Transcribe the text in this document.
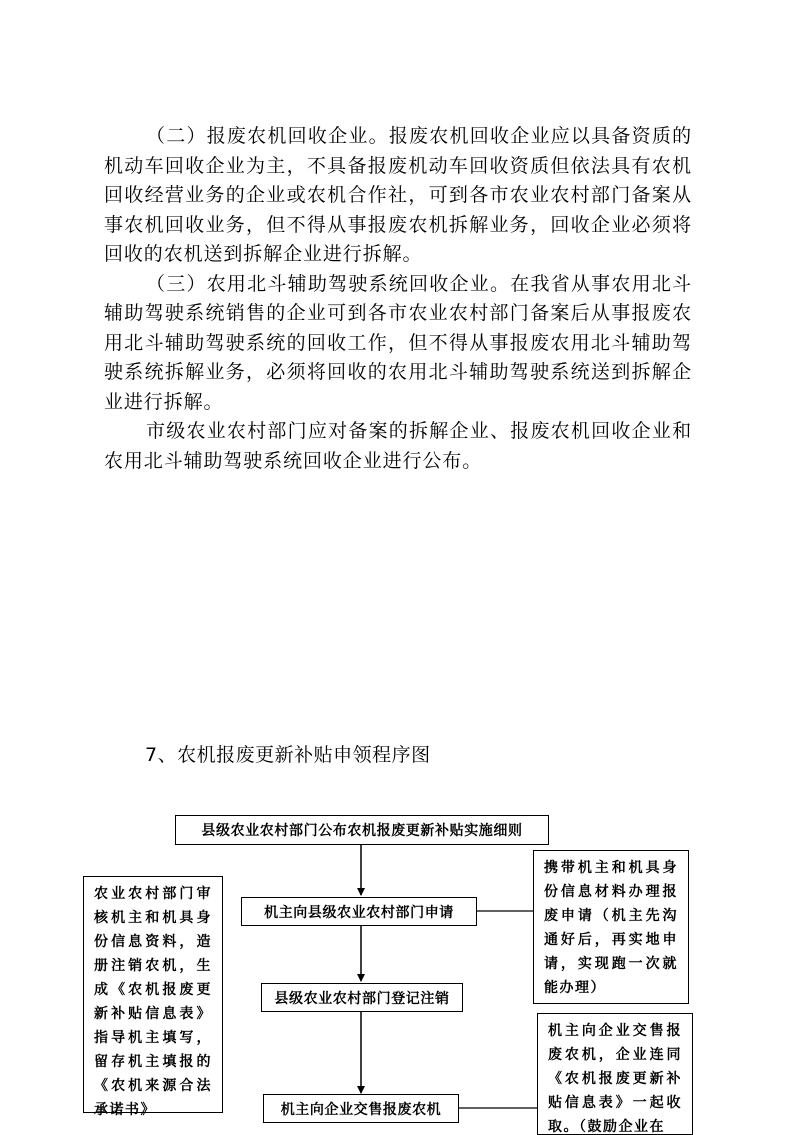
（二）报废农机回收企业。报废农机回收企业应以具备资质的机动车回收企业为主，不具备报废机动车回收资质但依法具有农机回收经营业务的企业或农机合作社，可到各市农业农村部门备案从事农机回收业务，但不得从事报废农机拆解业务，回收企业必须将回收的农机送到拆解企业进行拆解。

（三）农用北斗辅助驾驶系统回收企业。在我省从事农用北斗辅助驾驶系统销售的企业可到各市农业农村部门备案后从事报废农用北斗辅助驾驶系统的回收工作，但不得从事报废农用北斗辅助驾驶系统拆解业务，必须将回收的农用北斗辅助驾驶系统送到拆解企业进行拆解。

市级农业农村部门应对备案的拆解企业、报废农机回收企业和农用北斗辅助驾驶系统回收企业进行公布。

7、农机报废更新补贴申领程序图
县级农业农村部门公布农机报废更新补贴实施细则
机主向县级农业农村部门申请
县级农业农村部门登记注销
机主向企业交售报废农机
农业农村部门审核机主和机具身份信息资料，造册注销农机，生成《农机报废更新补贴信息表》指导机主填写，留存机主填报的《农机来源合法承诺书》
携带机主和机具身份信息材料办理报废申请（机主先沟通好后，再实地申请，实现跑一次就能办理）
机主向企业交售报废农机，企业连同《农机报废更新补贴信息表》一起收取。（鼓励企业在
